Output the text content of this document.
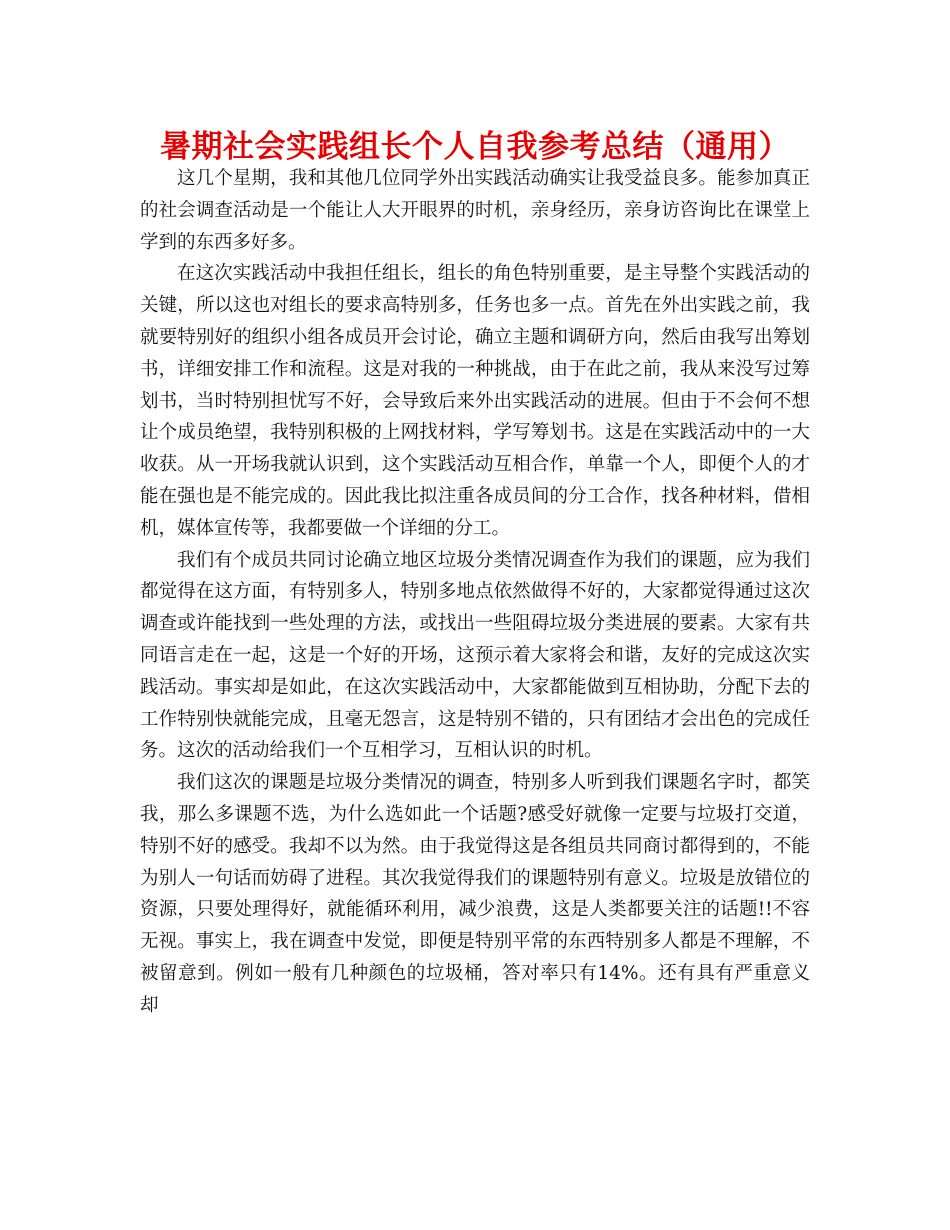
暑期社会实践组长个人自我参考总结（通用）

这几个星期，我和其他几位同学外出实践活动确实让我受益良多。能参加真正的社会调查活动是一个能让人大开眼界的时机，亲身经历，亲身访咨询比在课堂上学到的东西多好多。

在这次实践活动中我担任组长，组长的角色特别重要，是主导整个实践活动的关键，所以这也对组长的要求高特别多，任务也多一点。首先在外出实践之前，我就要特别好的组织小组各成员开会讨论，确立主题和调研方向，然后由我写出筹划书，详细安排工作和流程。这是对我的一种挑战，由于在此之前，我从来没写过筹划书，当时特别担忧写不好，会导致后来外出实践活动的进展。但由于不会何不想让个成员绝望，我特别积极的上网找材料，学写筹划书。这是在实践活动中的一大收获。从一开场我就认识到，这个实践活动互相合作，单靠一个人，即便个人的才能在强也是不能完成的。因此我比拟注重各成员间的分工合作，找各种材料，借相机，媒体宣传等，我都要做一个详细的分工。

我们有个成员共同讨论确立地区垃圾分类情况调查作为我们的课题，应为我们都觉得在这方面，有特别多人，特别多地点依然做得不好的，大家都觉得通过这次调查或许能找到一些处理的方法，或找出一些阻碍垃圾分类进展的要素。大家有共同语言走在一起，这是一个好的开场，这预示着大家将会和谐，友好的完成这次实践活动。事实却是如此，在这次实践活动中，大家都能做到互相协助，分配下去的工作特别快就能完成，且毫无怨言，这是特别不错的，只有团结才会出色的完成任务。这次的活动给我们一个互相学习，互相认识的时机。

我们这次的课题是垃圾分类情况的调查，特别多人听到我们课题名字时，都笑我，那么多课题不选，为什么选如此一个话题?感受好就像一定要与垃圾打交道，特别不好的感受。我却不以为然。由于我觉得这是各组员共同商讨都得到的，不能为别人一句话而妨碍了进程。其次我觉得我们的课题特别有意义。垃圾是放错位的资源，只要处理得好，就能循环利用，减少浪费，这是人类都要关注的话题!!不容无视。事实上，我在调查中发觉，即便是特别平常的东西特别多人都是不理解，不被留意到。例如一般有几种颜色的垃圾桶，答对率只有14%。还有具有严重意义却
